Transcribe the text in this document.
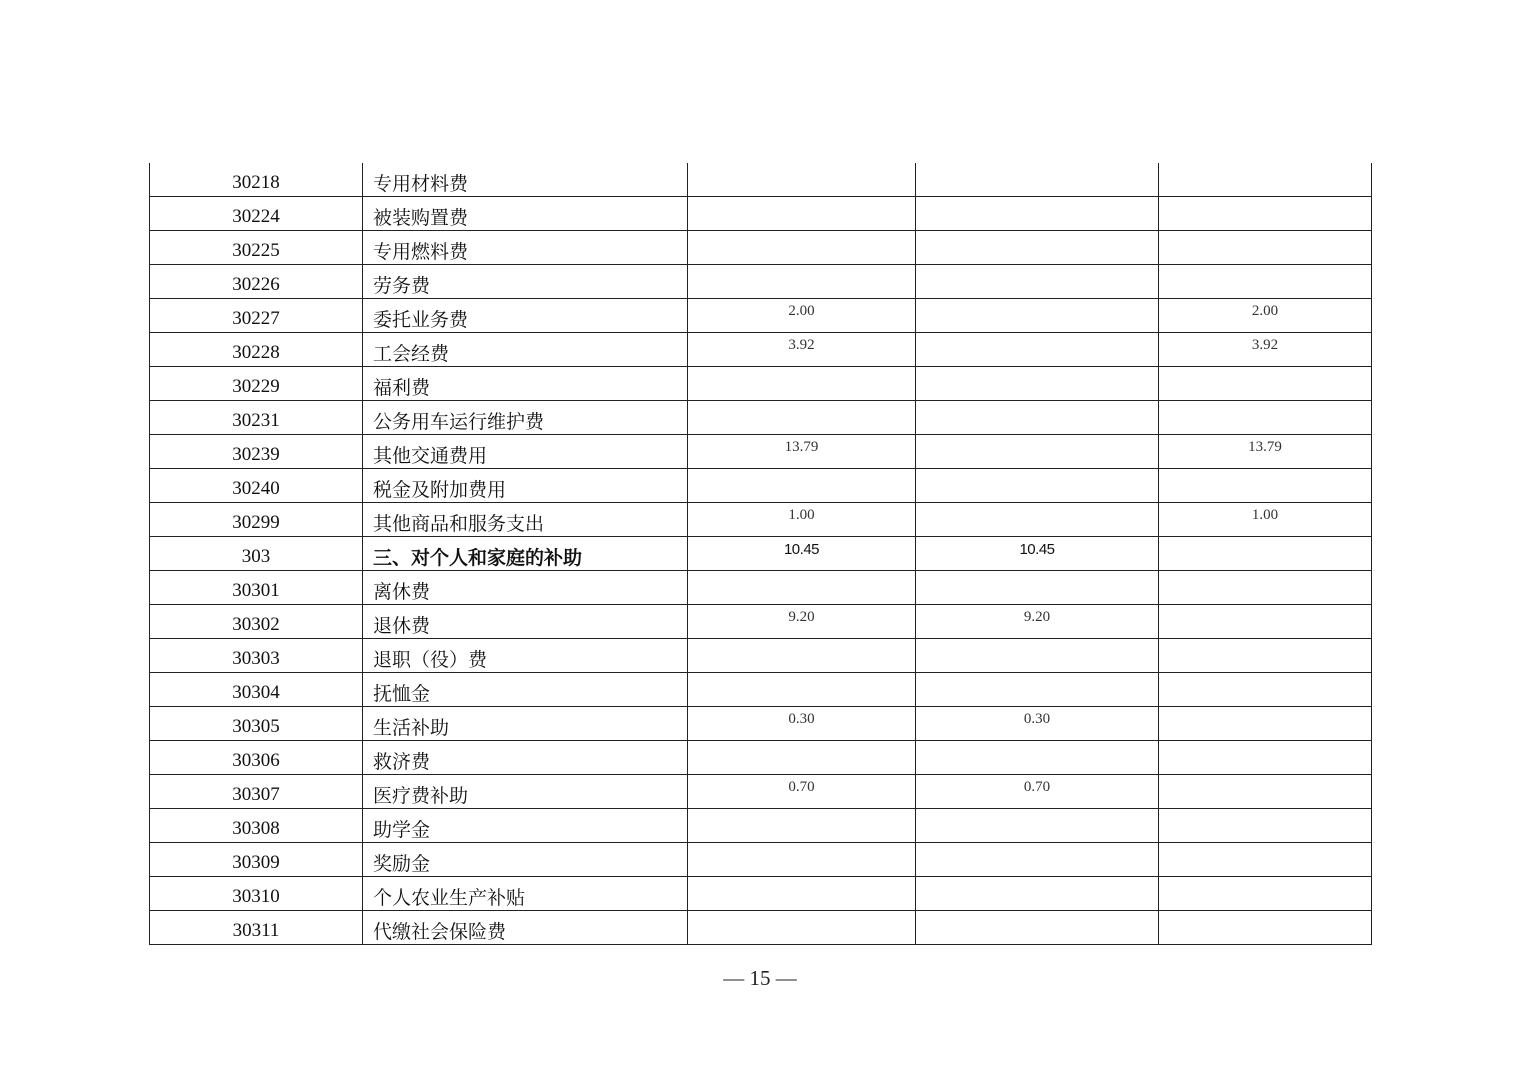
30218	专用材料费			
30224	被装购置费			
30225	专用燃料费			
30226	劳务费			
30227	委托业务费	2.00		2.00
30228	工会经费	3.92		3.92
30229	福利费			
30231	公务用车运行维护费			
30239	其他交通费用	13.79		13.79
30240	税金及附加费用			
30299	其他商品和服务支出	1.00		1.00
303	三、对个人和家庭的补助	10.45	10.45	
30301	离休费			
30302	退休费	9.20	9.20	
30303	退职（役）费			
30304	抚恤金			
30305	生活补助	0.30	0.30	
30306	救济费			
30307	医疗费补助	0.70	0.70	
30308	助学金			
30309	奖励金			
30310	个人农业生产补贴			
30311	代缴社会保险费			
— 15 —
